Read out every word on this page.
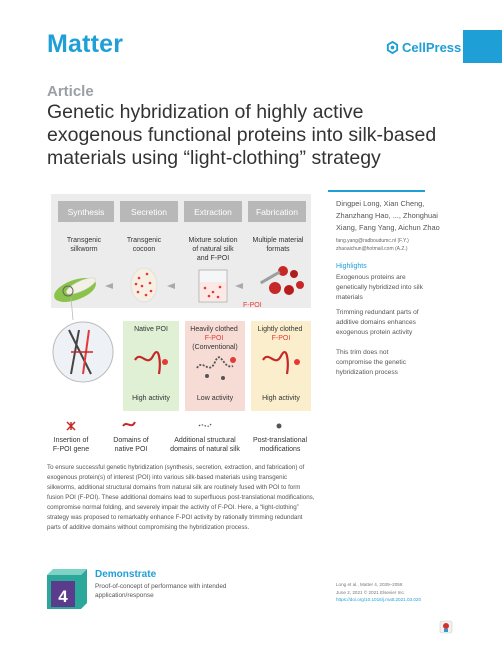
Matter	CellPress
Article
Genetic hybridization of highly active exogenous functional proteins into silk-based materials using “light-clothing” strategy
Synthesis	Secretion	Extraction	Fabrication
Transgenic silkworm
Transgenic cocoon
Mixture solution of natural silk and F-POI
Multiple material formats
F-POI
Native POI
High activity
Heavily clothed F-POI (Conventional)
Low activity
Lightly clothed F-POI
High activity
Insertion of F-POI gene
Domains of native POI
Additional structural domains of natural silk
Post-translational modifications
Dingpei Long, Xian Cheng, Zhanzhang Hao, ..., Zhonghuai Xiang, Fang Yang, Aichun Zhao
fang.yang@radboudumc.nl (F.Y.)
zhaoaichun@hotmail.com (A.Z.)
Highlights
Exogenous proteins are genetically hybridized into silk materials
Trimming redundant parts of additive domains enhances exogenous protein activity
This trim does not compromise the genetic hybridization process

To ensure successful genetic hybridization (synthesis, secretion, extraction, and fabrication) of exogenous protein(s) of interest (POI) into various silk-based materials using transgenic silkworms, additional structural domains from natural silk are routinely fused with POI to form fusion POI (F-POI). These additional domains lead to superfluous post-translational modifications, compromise normal folding, and severely impair the activity of F-POI. Here, a “light-clothing” strategy was proposed to remarkably enhance F-POI activity by rationally trimming redundant parts of additive domains without compromising the hybridization process.

4
Demonstrate
Proof-of-concept of performance with intended application/response
Long et al., Matter 4, 2039–2058
June 2, 2021 © 2021 Elsevier Inc.
https://doi.org/10.1016/j.matt.2021.03.020
